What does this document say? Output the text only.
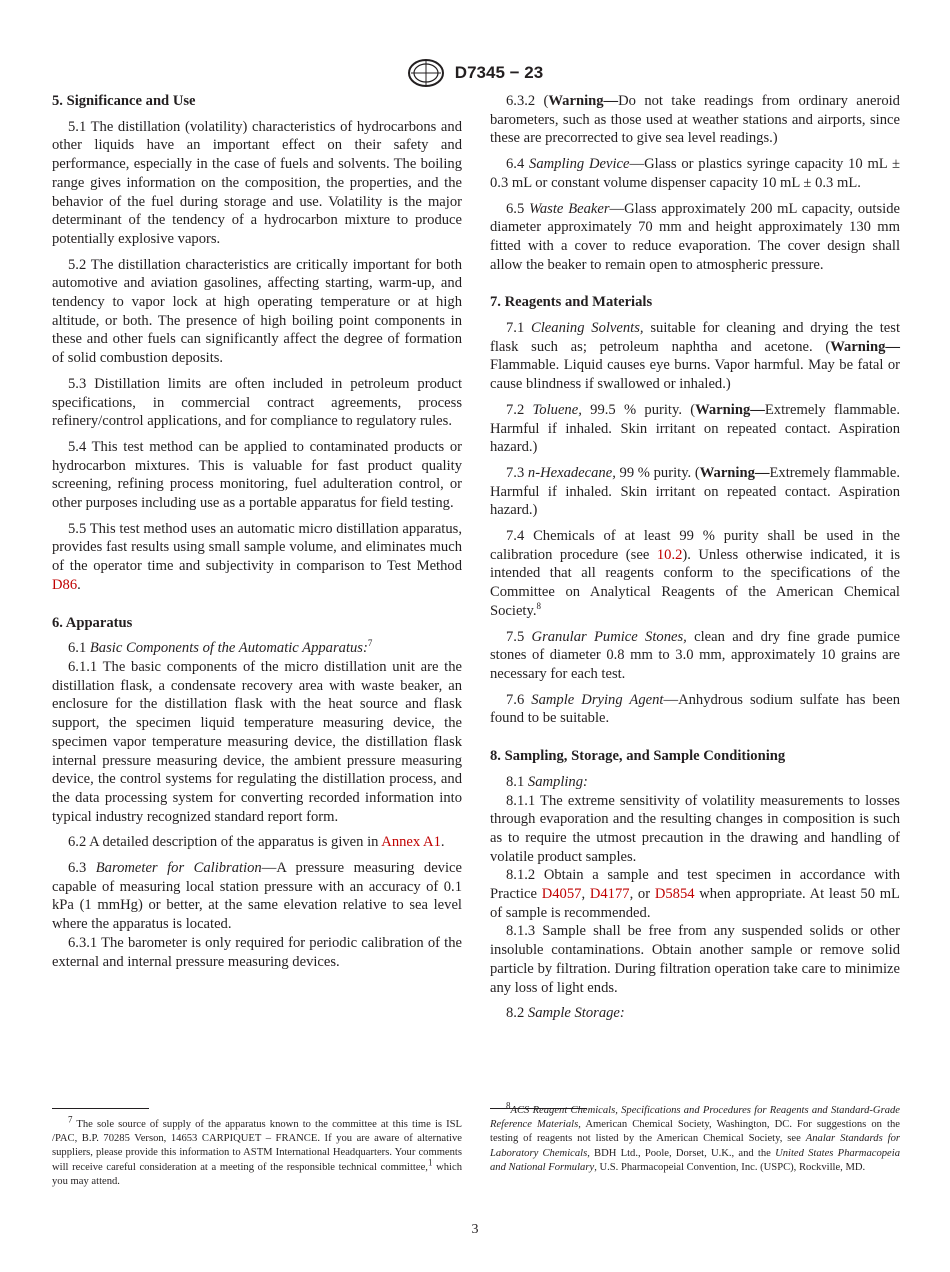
D7345 − 23
5. Significance and Use

5.1 The distillation (volatility) characteristics of hydrocarbons and other liquids have an important effect on their safety and performance, especially in the case of fuels and solvents. The boiling range gives information on the composition, the properties, and the behavior of the fuel during storage and use. Volatility is the major determinant of the tendency of a hydrocarbon mixture to produce potentially explosive vapors.

5.2 The distillation characteristics are critically important for both automotive and aviation gasolines, affecting starting, warm-up, and tendency to vapor lock at high operating temperature or at high altitude, or both. The presence of high boiling point components in these and other fuels can significantly affect the degree of formation of solid combustion deposits.

5.3 Distillation limits are often included in petroleum product specifications, in commercial contract agreements, process refinery/control applications, and for compliance to regulatory rules.

5.4 This test method can be applied to contaminated products or hydrocarbon mixtures. This is valuable for fast product quality screening, refining process monitoring, fuel adulteration control, or other purposes including use as a portable apparatus for field testing.

5.5 This test method uses an automatic micro distillation apparatus, provides fast results using small sample volume, and eliminates much of the operator time and subjectivity in comparison to Test Method D86.

6. Apparatus

6.1 Basic Components of the Automatic Apparatus:$^7$

6.1.1 The basic components of the micro distillation unit are the distillation flask, a condensate recovery area with waste beaker, an enclosure for the distillation flask with the heat source and flask support, the specimen liquid temperature measuring device, the specimen vapor temperature measuring device, the distillation flask internal pressure measuring device, the ambient pressure measuring device, the control systems for regulating the distillation process, and the data processing system for converting recorded information into typical industry recognized standard report form.

6.2 A detailed description of the apparatus is given in Annex A1.

6.3 Barometer for Calibration—A pressure measuring device capable of measuring local station pressure with an accuracy of 0.1 kPa (1 mmHg) or better, at the same elevation relative to sea level where the apparatus is located.

6.3.1 The barometer is only required for periodic calibration of the external and internal pressure measuring devices.

6.3.2 (Warning—Do not take readings from ordinary aneroid barometers, such as those used at weather stations and airports, since these are precorrected to give sea level readings.)

6.4 Sampling Device—Glass or plastics syringe capacity 10 mL ± 0.3 mL or constant volume dispenser capacity 10 mL ± 0.3 mL.

6.5 Waste Beaker—Glass approximately 200 mL capacity, outside diameter approximately 70 mm and height approximately 130 mm fitted with a cover to reduce evaporation. The cover design shall allow the beaker to remain open to atmospheric pressure.

7. Reagents and Materials

7.1 Cleaning Solvents, suitable for cleaning and drying the test flask such as; petroleum naphtha and acetone. (Warning—Flammable. Liquid causes eye burns. Vapor harmful. May be fatal or cause blindness if swallowed or inhaled.)

7.2 Toluene, 99.5 % purity. (Warning—Extremely flammable. Harmful if inhaled. Skin irritant on repeated contact. Aspiration hazard.)

7.3 n-Hexadecane, 99 % purity. (Warning—Extremely flammable. Harmful if inhaled. Skin irritant on repeated contact. Aspiration hazard.)

7.4 Chemicals of at least 99 % purity shall be used in the calibration procedure (see 10.2). Unless otherwise indicated, it is intended that all reagents conform to the specifications of the Committee on Analytical Reagents of the American Chemical Society.$^8$

7.5 Granular Pumice Stones, clean and dry fine grade pumice stones of diameter 0.8 mm to 3.0 mm, approximately 10 grains are necessary for each test.

7.6 Sample Drying Agent—Anhydrous sodium sulfate has been found to be suitable.

8. Sampling, Storage, and Sample Conditioning

8.1 Sampling:

8.1.1 The extreme sensitivity of volatility measurements to losses through evaporation and the resulting changes in composition is such as to require the utmost precaution in the drawing and handling of volatile product samples.

8.1.2 Obtain a sample and test specimen in accordance with Practice D4057, D4177, or D5854 when appropriate. At least 50 mL of sample is recommended.

8.1.3 Sample shall be free from any suspended solids or other insoluble contaminations. Obtain another sample or remove solid particle by filtration. During filtration operation take care to minimize any loss of light ends.

8.2 Sample Storage:

$^7$ The sole source of supply of the apparatus known to the committee at this time is ISL /PAC, B.P. 70285 Verson, 14653 CARPIQUET – FRANCE. If you are aware of alternative suppliers, please provide this information to ASTM International Headquarters. Your comments will receive careful consideration at a meeting of the responsible technical committee,$^1$ which you may attend.

$^8$ACS Reagent Chemicals, Specifications and Procedures for Reagents and Standard-Grade Reference Materials, American Chemical Society, Washington, DC. For suggestions on the testing of reagents not listed by the American Chemical Society, see Analar Standards for Laboratory Chemicals, BDH Ltd., Poole, Dorset, U.K., and the United States Pharmacopeia and National Formulary, U.S. Pharmacopeial Convention, Inc. (USPC), Rockville, MD.

3
